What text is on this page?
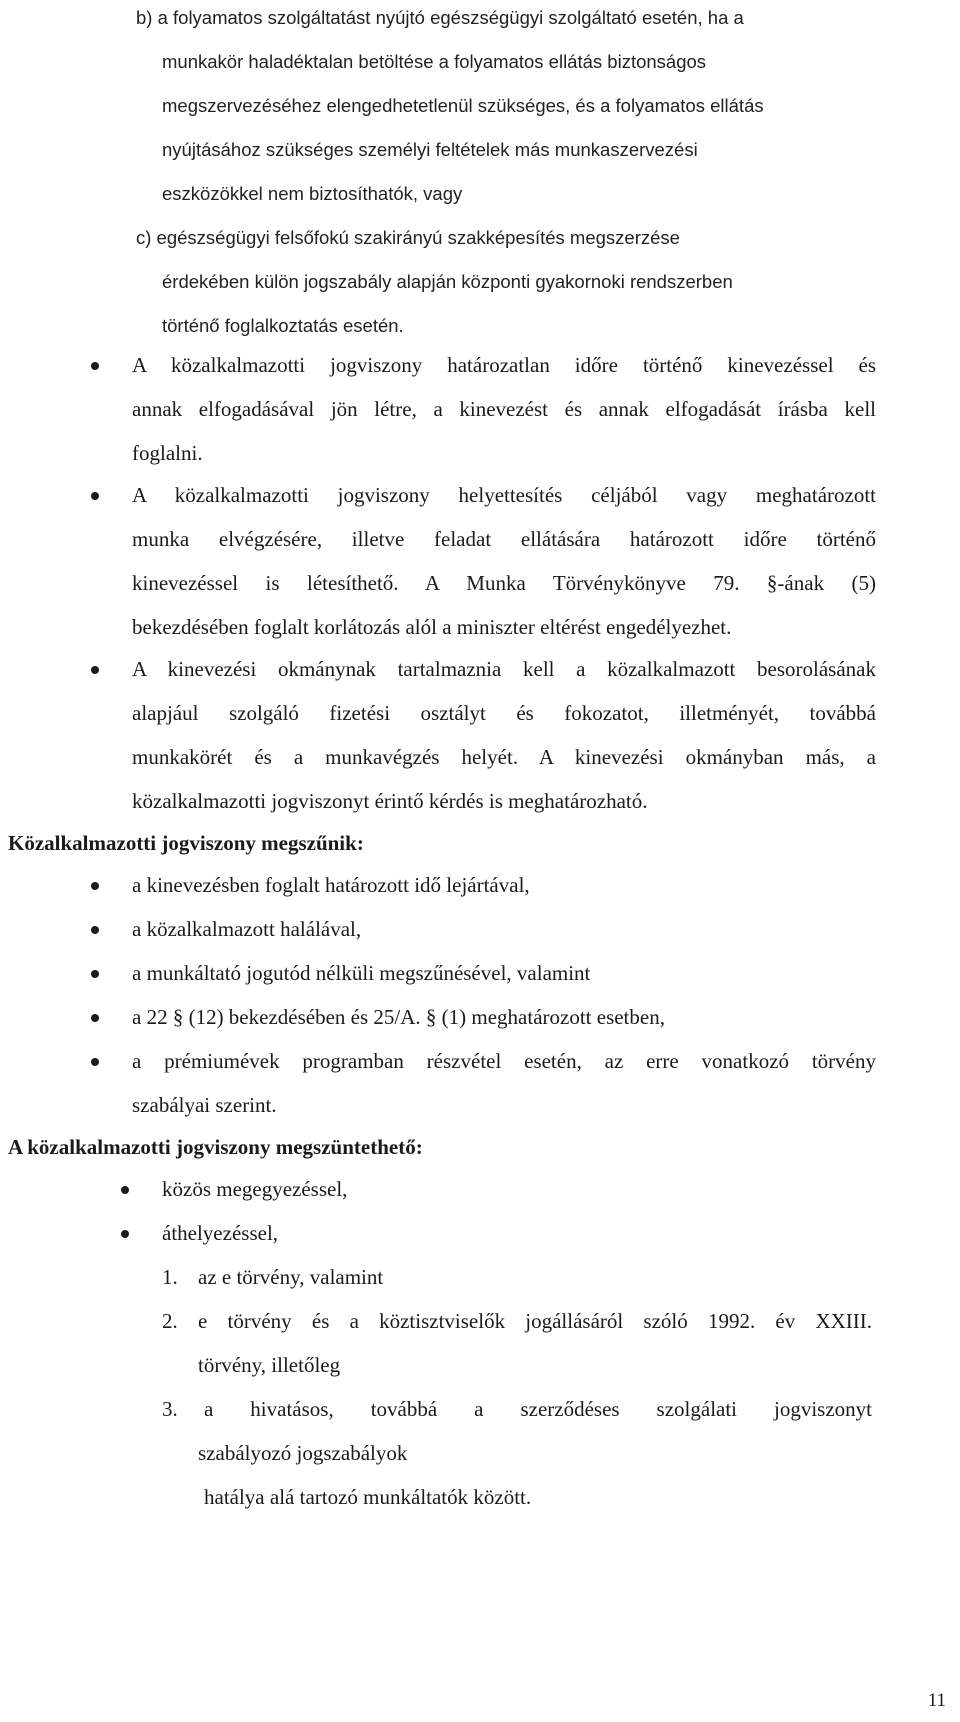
b) a folyamatos szolgáltatást nyújtó egészségügyi szolgáltató esetén, ha a
munkakör haladéktalan betöltése a folyamatos ellátás biztonságos
megszervezéséhez elengedhetetlenül szükséges, és a folyamatos ellátás
nyújtásához szükséges személyi feltételek más munkaszervezési
eszközökkel nem biztosíthatók, vagy
c) egészségügyi felsőfokú szakirányú szakképesítés megszerzése
érdekében külön jogszabály alapján központi gyakornoki rendszerben
történő foglalkoztatás esetén.
A közalkalmazotti jogviszony határozatlan időre történő kinevezéssel és
annak elfogadásával jön létre, a kinevezést és annak elfogadását írásba kell
foglalni.
A közalkalmazotti jogviszony helyettesítés céljából vagy meghatározott
munka elvégzésére, illetve feladat ellátására határozott időre történő
kinevezéssel is létesíthető. A Munka Törvénykönyve 79. §-ának (5)
bekezdésében foglalt korlátozás alól a miniszter eltérést engedélyezhet.
A kinevezési okmánynak tartalmaznia kell a közalkalmazott besorolásának
alapjául szolgáló fizetési osztályt és fokozatot, illetményét, továbbá
munkakörét és a munkavégzés helyét. A kinevezési okmányban más, a
közalkalmazotti jogviszonyt érintő kérdés is meghatározható.
Közalkalmazotti jogviszony megszűnik:
a kinevezésben foglalt határozott idő lejártával,
a közalkalmazott halálával,
a munkáltató jogutód nélküli megszűnésével, valamint
a 22 § (12) bekezdésében és 25/A. § (1) meghatározott esetben,
a prémiumévek programban részvétel esetén, az erre vonatkozó törvény
szabályai szerint.
A közalkalmazotti jogviszony megszüntethető:
közös megegyezéssel,
áthelyezéssel,
1. az e törvény, valamint
2. e törvény és a köztisztviselők jogállásáról szóló 1992. év XXIII.
törvény, illetőleg
3. a hivatásos, továbbá a szerződéses szolgálati jogviszonyt
szabályozó jogszabályok
hatálya alá tartozó munkáltatók között.
11
